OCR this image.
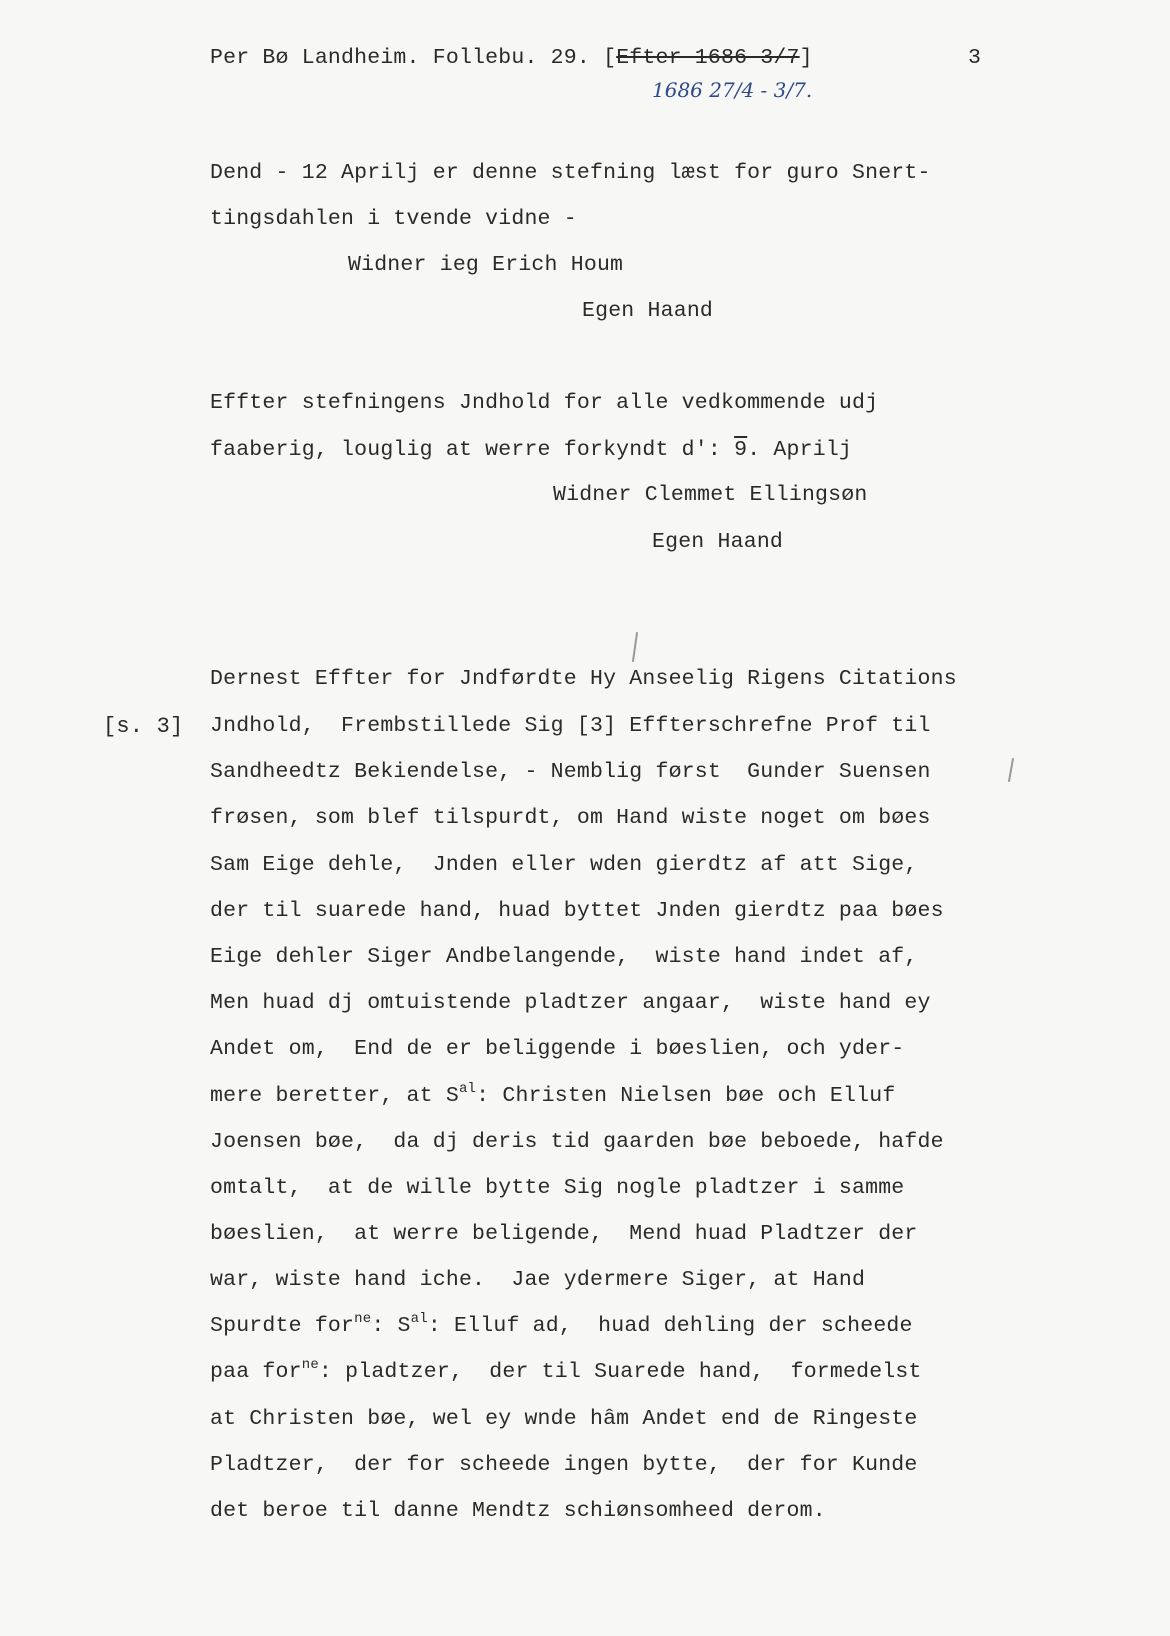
Per Bø Landheim. Follebu. 29. [Efter 1686 3/7]	3
1686 27/4 - 3/7.
Dend - 12 Aprilj er denne stefning læst for guro Snert-
tingsdahlen i tvende vidne -
Widner ieg Erich Houm
Egen Haand
Effter stefningens Jndhold for alle vedkommende udj
faaberig, louglig at werre forkyndt d': 9. Aprilj
Widner Clemmet Ellingsøn
Egen Haand
Dernest Effter for Jndførdte Hy Anseelig Rigens Citations
[s. 3] Jndhold,  Frembstillede Sig [3] Effterschrefne Prof til
Sandheedtz Bekiendelse, - Nemblig først  Gunder Suensen
frøsen, som blef tilspurdt, om Hand wiste noget om bøes
Sam Eige dehle,  Jnden eller wden gierdtz af att Sige,
der til suarede hand, huad byttet Jnden gierdtz paa bøes
Eige dehler Siger Andbelangende,  wiste hand indet af,
Men huad dj omtuistende pladtzer angaar,  wiste hand ey
Andet om,  End de er beliggende i bøeslien, och yder-
mere beretter, at $S^{al}$: Christen Nielsen bøe och Elluf
Joensen bøe,  da dj deris tid gaarden bøe beboede, hafde
omtalt,  at de wille bytte Sig nogle pladtzer i samme
bøeslien,  at werre beligende,  Mend huad Pladtzer der
war, wiste hand iche.  Jae ydermere Siger, at Hand
Spurdte for$^{ne}$: $S^{al}$: Elluf ad,  huad dehling der scheede
paa for$^{ne}$: pladtzer,  der til Suarede hand,  formedelst
at Christen bøe, wel ey wnde hâm Andet end de Ringeste
Pladtzer,  der for scheede ingen bytte,  der for Kunde
det beroe til danne Mendtz schiønsomheed derom.
